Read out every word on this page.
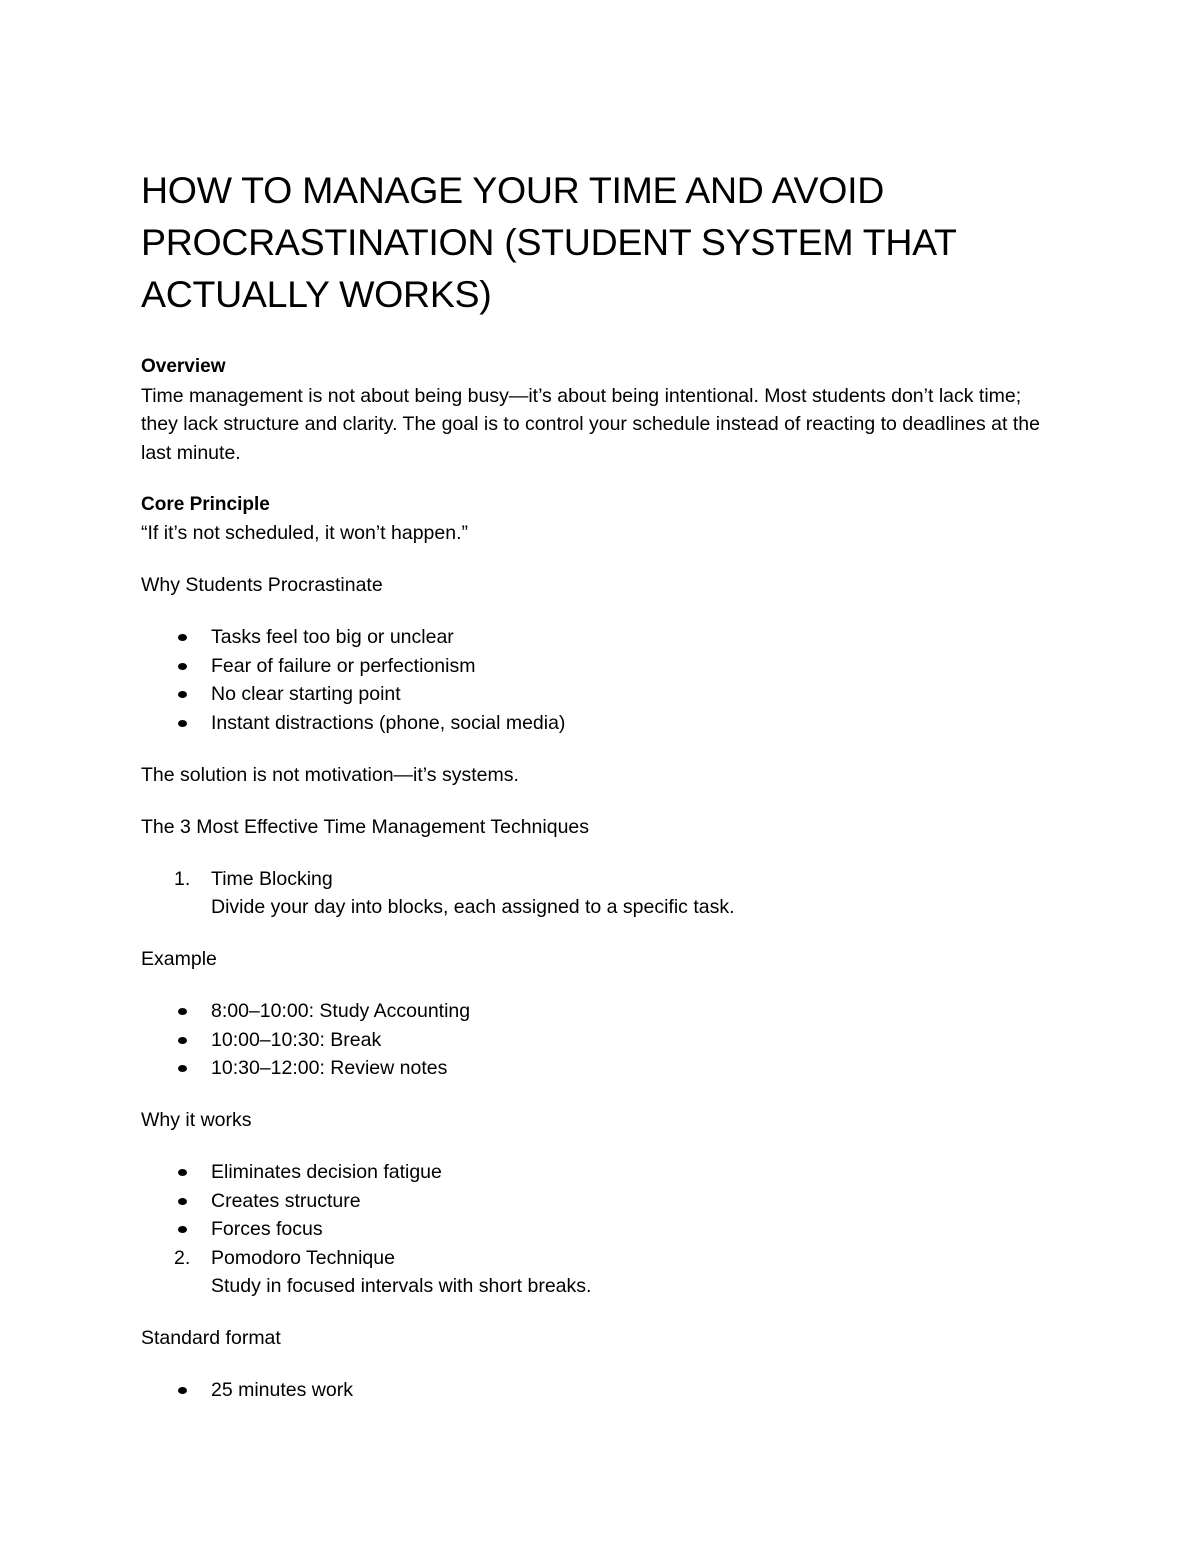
HOW TO MANAGE YOUR TIME AND AVOID PROCRASTINATION (STUDENT SYSTEM THAT ACTUALLY WORKS)
Overview

Time management is not about being busy—it’s about being intentional. Most students don’t lack time; they lack structure and clarity. The goal is to control your schedule instead of reacting to deadlines at the last minute.

Core Principle

“If it’s not scheduled, it won’t happen.”

Why Students Procrastinate

Tasks feel too big or unclear
Fear of failure or perfectionism
No clear starting point
Instant distractions (phone, social media)

The solution is not motivation—it’s systems.

The 3 Most Effective Time Management Techniques

1.	Time Blocking
Divide your day into blocks, each assigned to a specific task.

Example

8:00–10:00: Study Accounting
10:00–10:30: Break
10:30–12:00: Review notes

Why it works

Eliminates decision fatigue
Creates structure
Forces focus
2.	Pomodoro Technique
Study in focused intervals with short breaks.

Standard format

25 minutes work
